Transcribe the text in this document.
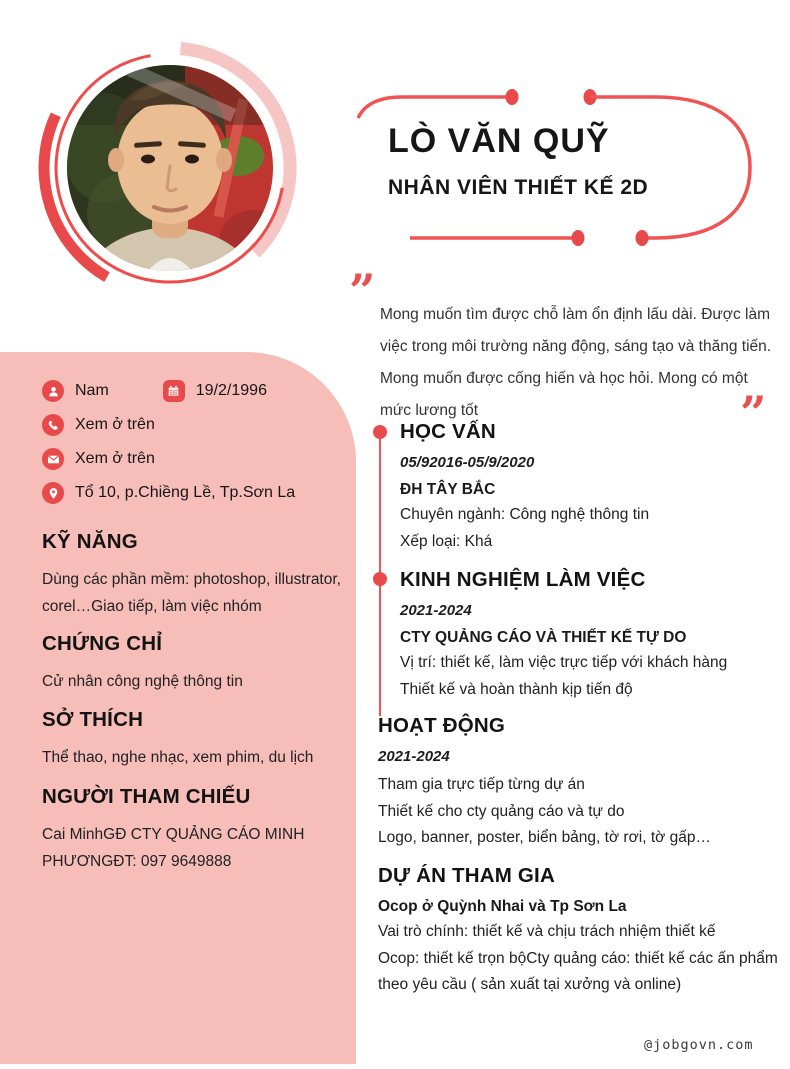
LÒ VĂN QUỸ
NHÂN VIÊN THIẾT KẾ 2D
” Mong muốn tìm được chỗ làm ổn định lấu dài. Được làm việc trong môi trường năng động, sáng tạo và thăng tiến. Mong muốn được cống hiến và học hỏi. Mong có một mức lương tốt	”
Nam	19/2/1996
Xem ở trên
Xem ở trên
Tổ 10, p.Chiềng Lề, Tp.Sơn La
KỸ NĂNG
Dùng các phần mềm: photoshop, illustrator, corel…Giao tiếp, làm việc nhóm
CHỨNG CHỈ
Cử nhân công nghệ thông tin
SỞ THÍCH
Thể thao, nghe nhạc, xem phim, du lịch
NGƯỜI THAM CHIẾU
Cai MinhGĐ CTY QUẢNG CÁO MINH PHƯƠNGĐT: 097 9649888
HỌC VẤN
05/92016-05/9/2020
ĐH TÂY BẮC
Chuyên ngành: Công nghệ thông tin
Xếp loại: Khá
KINH NGHIỆM LÀM VIỆC
2021-2024
CTY QUẢNG CÁO VÀ THIẾT KẾ TỰ DO
Vị trí: thiết kế, làm việc trực tiếp với khách hàng
Thiết kế và hoàn thành kịp tiến độ
HOẠT ĐỘNG
2021-2024
Tham gia trực tiếp từng dự án
Thiết kế cho cty quảng cáo và tự do
Logo, banner, poster, biển bảng, tờ rơi, tờ gấp…
DỰ ÁN THAM GIA
Ocop ở Quỳnh Nhai và Tp Sơn La
Vai trò chính: thiết kế và chịu trách nhiệm thiết kế
Ocop: thiết kế trọn bộCty quảng cáo: thiết kế các ấn phẩm theo yêu cầu ( sản xuất tại xưởng và online)
@jobgovn.com
